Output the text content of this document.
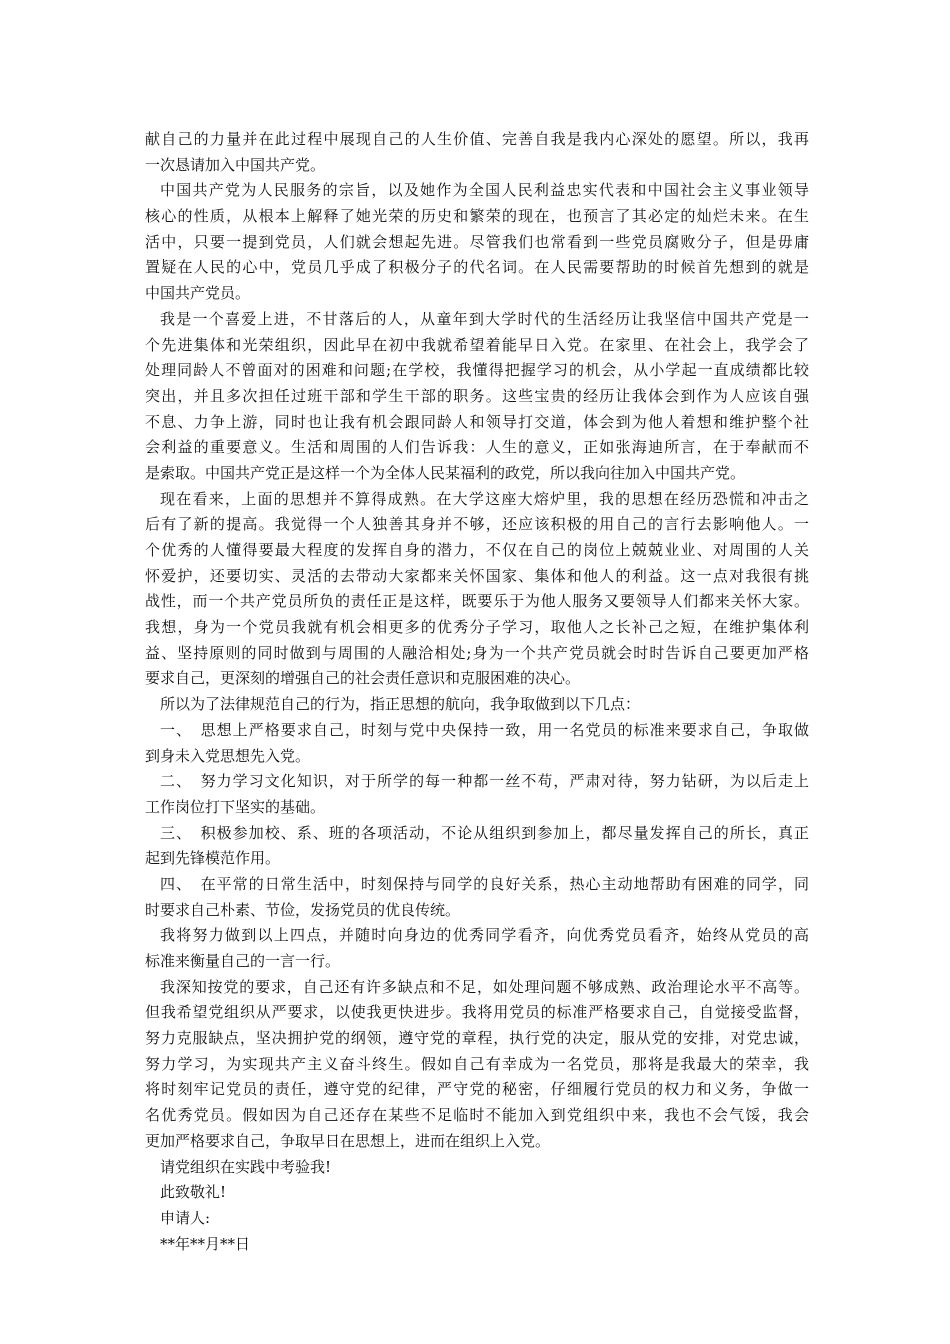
献自己的力量并在此过程中展现自己的人生价值、完善自我是我内心深处的愿望。所以，我再
一次恳请加入中国共产党。
中国共产党为人民服务的宗旨，以及她作为全国人民利益忠实代表和中国社会主义事业领导
核心的性质，从根本上解释了她光荣的历史和繁荣的现在，也预言了其必定的灿烂未来。在生
活中，只要一提到党员，人们就会想起先进。尽管我们也常看到一些党员腐败分子，但是毋庸
置疑在人民的心中，党员几乎成了积极分子的代名词。在人民需要帮助的时候首先想到的就是
中国共产党员。
我是一个喜爱上进，不甘落后的人，从童年到大学时代的生活经历让我坚信中国共产党是一
个先进集体和光荣组织，因此早在初中我就希望着能早日入党。在家里、在社会上，我学会了
处理同龄人不曾面对的困难和问题;在学校，我懂得把握学习的机会，从小学起一直成绩都比较
突出，并且多次担任过班干部和学生干部的职务。这些宝贵的经历让我体会到作为人应该自强
不息、力争上游，同时也让我有机会跟同龄人和领导打交道，体会到为他人着想和维护整个社
会利益的重要意义。生活和周围的人们告诉我：人生的意义，正如张海迪所言，在于奉献而不
是索取。中国共产党正是这样一个为全体人民某福利的政党，所以我向往加入中国共产党。
现在看来，上面的思想并不算得成熟。在大学这座大熔炉里，我的思想在经历恐慌和冲击之
后有了新的提高。我觉得一个人独善其身并不够，还应该积极的用自己的言行去影响他人。一
个优秀的人懂得要最大程度的发挥自身的潜力，不仅在自己的岗位上兢兢业业、对周围的人关
怀爱护，还要切实、灵活的去带动大家都来关怀国家、集体和他人的利益。这一点对我很有挑
战性，而一个共产党员所负的责任正是这样，既要乐于为他人服务又要领导人们都来关怀大家。
我想，身为一个党员我就有机会相更多的优秀分子学习，取他人之长补己之短，在维护集体利
益、坚持原则的同时做到与周围的人融洽相处;身为一个共产党员就会时时告诉自己要更加严格
要求自己，更深刻的增强自己的社会责任意识和克服困难的决心。
所以为了法律规范自己的行为，指正思想的航向，我争取做到以下几点：
一、　思想上严格要求自己，时刻与党中央保持一致，用一名党员的标准来要求自己，争取做
到身未入党思想先入党。
二、　努力学习文化知识，对于所学的每一种都一丝不苟，严肃对待，努力钻研，为以后走上
工作岗位打下坚实的基础。
三、　积极参加校、系、班的各项活动，不论从组织到参加上，都尽量发挥自己的所长，真正
起到先锋模范作用。
四、　在平常的日常生活中，时刻保持与同学的良好关系，热心主动地帮助有困难的同学，同
时要求自己朴素、节俭，发扬党员的优良传统。
我将努力做到以上四点，并随时向身边的优秀同学看齐，向优秀党员看齐，始终从党员的高
标准来衡量自己的一言一行。
我深知按党的要求，自己还有许多缺点和不足，如处理问题不够成熟、政治理论水平不高等。
但我希望党组织从严要求，以使我更快进步。我将用党员的标准严格要求自己，自觉接受监督，
努力克服缺点，坚决拥护党的纲领，遵守党的章程，执行党的决定，服从党的安排，对党忠诚，
努力学习，为实现共产主义奋斗终生。假如自己有幸成为一名党员，那将是我最大的荣幸，我
将时刻牢记党员的责任，遵守党的纪律，严守党的秘密，仔细履行党员的权力和义务，争做一
名优秀党员。假如因为自己还存在某些不足临时不能加入到党组织中来，我也不会气馁，我会
更加严格要求自己，争取早日在思想上，进而在组织上入党。
请党组织在实践中考验我!
此致敬礼!
申请人:
**年**月**日
